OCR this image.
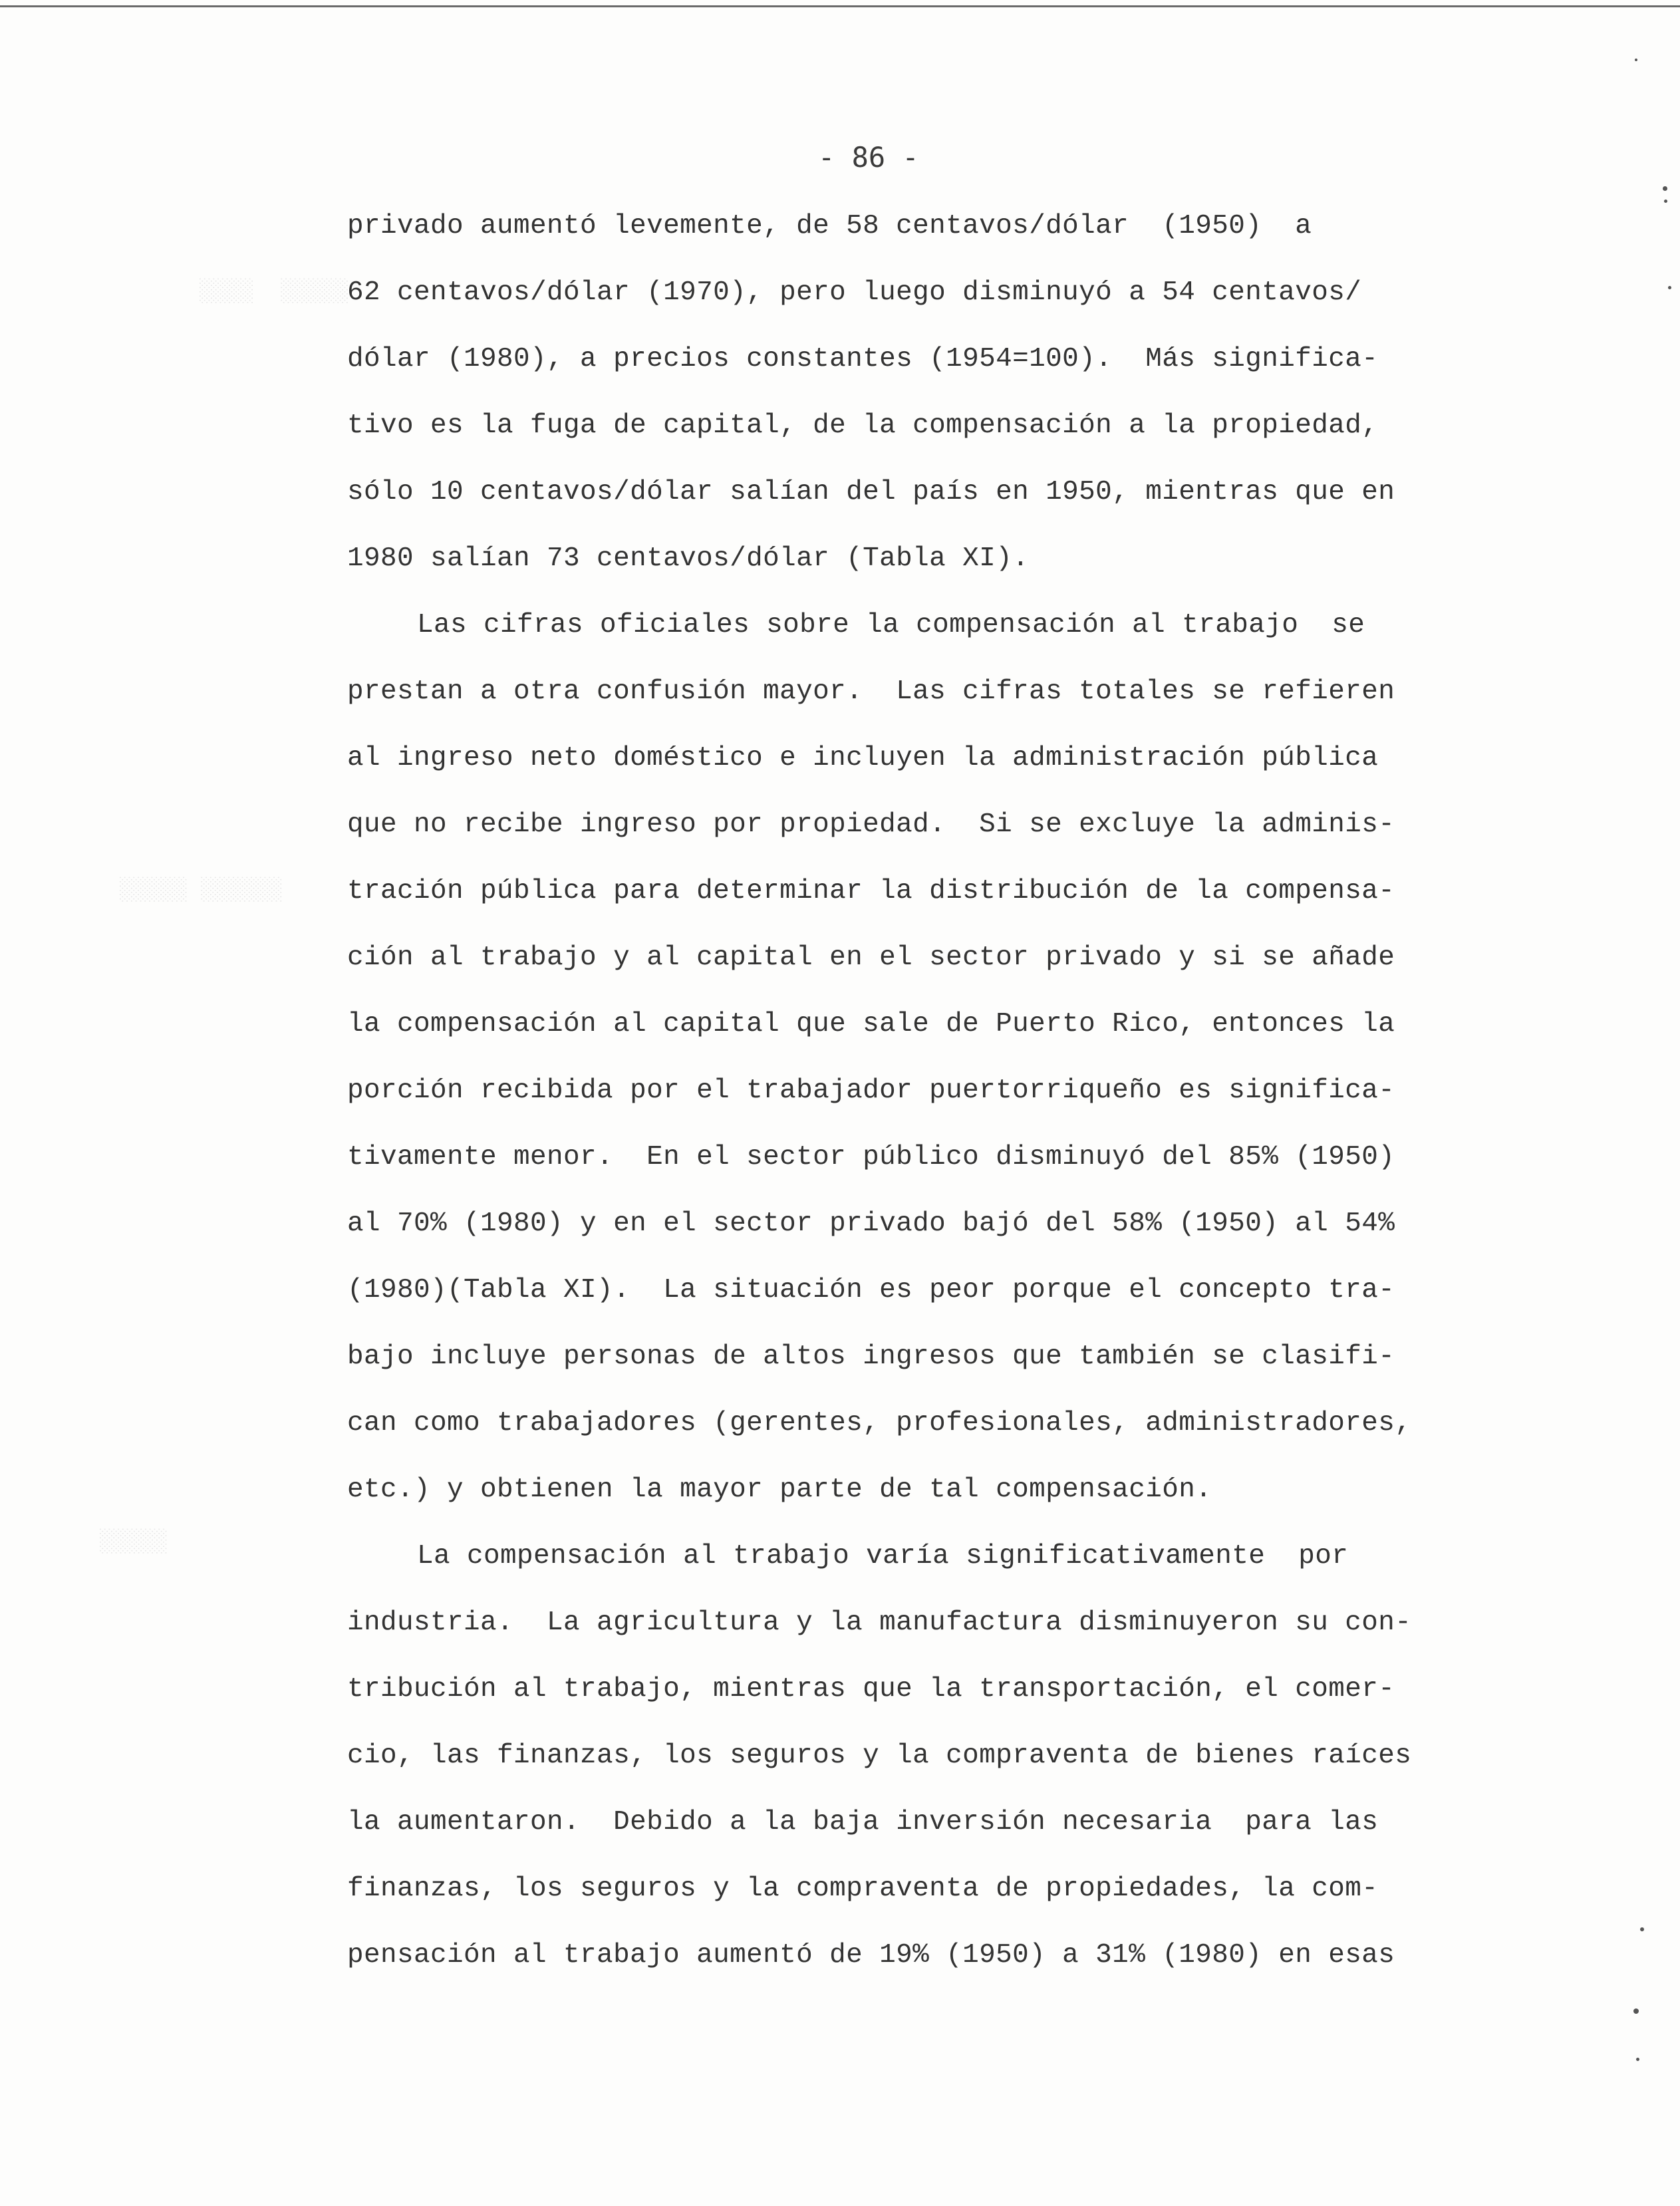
░░░░  ░░░░░
░░░░░ ░░░░░░
░░░░░
- 86 -
privado aumentó levemente, de 58 centavos/dólar  (1950)  a
62 centavos/dólar (1970), pero luego disminuyó a 54 centavos/
dólar (1980), a precios constantes (1954=100).  Más significa-
tivo es la fuga de capital, de la compensación a la propiedad,
sólo 10 centavos/dólar salían del país en 1950, mientras que en
1980 salían 73 centavos/dólar (Tabla XI).
Las cifras oficiales sobre la compensación al trabajo  se
prestan a otra confusión mayor.  Las cifras totales se refieren
al ingreso neto doméstico e incluyen la administración pública
que no recibe ingreso por propiedad.  Si se excluye la adminis-
tración pública para determinar la distribución de la compensa-
ción al trabajo y al capital en el sector privado y si se añade
la compensación al capital que sale de Puerto Rico, entonces la
porción recibida por el trabajador puertorriqueño es significa-
tivamente menor.  En el sector público disminuyó del 85% (1950)
al 70% (1980) y en el sector privado bajó del 58% (1950) al 54%
(1980)(Tabla XI).  La situación es peor porque el concepto tra-
bajo incluye personas de altos ingresos que también se clasifi-
can como trabajadores (gerentes, profesionales, administradores,
etc.) y obtienen la mayor parte de tal compensación.
La compensación al trabajo varía significativamente  por
industria.  La agricultura y la manufactura disminuyeron su con-
tribución al trabajo, mientras que la transportación, el comer-
cio, las finanzas, los seguros y la compraventa de bienes raíces
la aumentaron.  Debido a la baja inversión necesaria  para las
finanzas, los seguros y la compraventa de propiedades, la com-
pensación al trabajo aumentó de 19% (1950) a 31% (1980) en esas
